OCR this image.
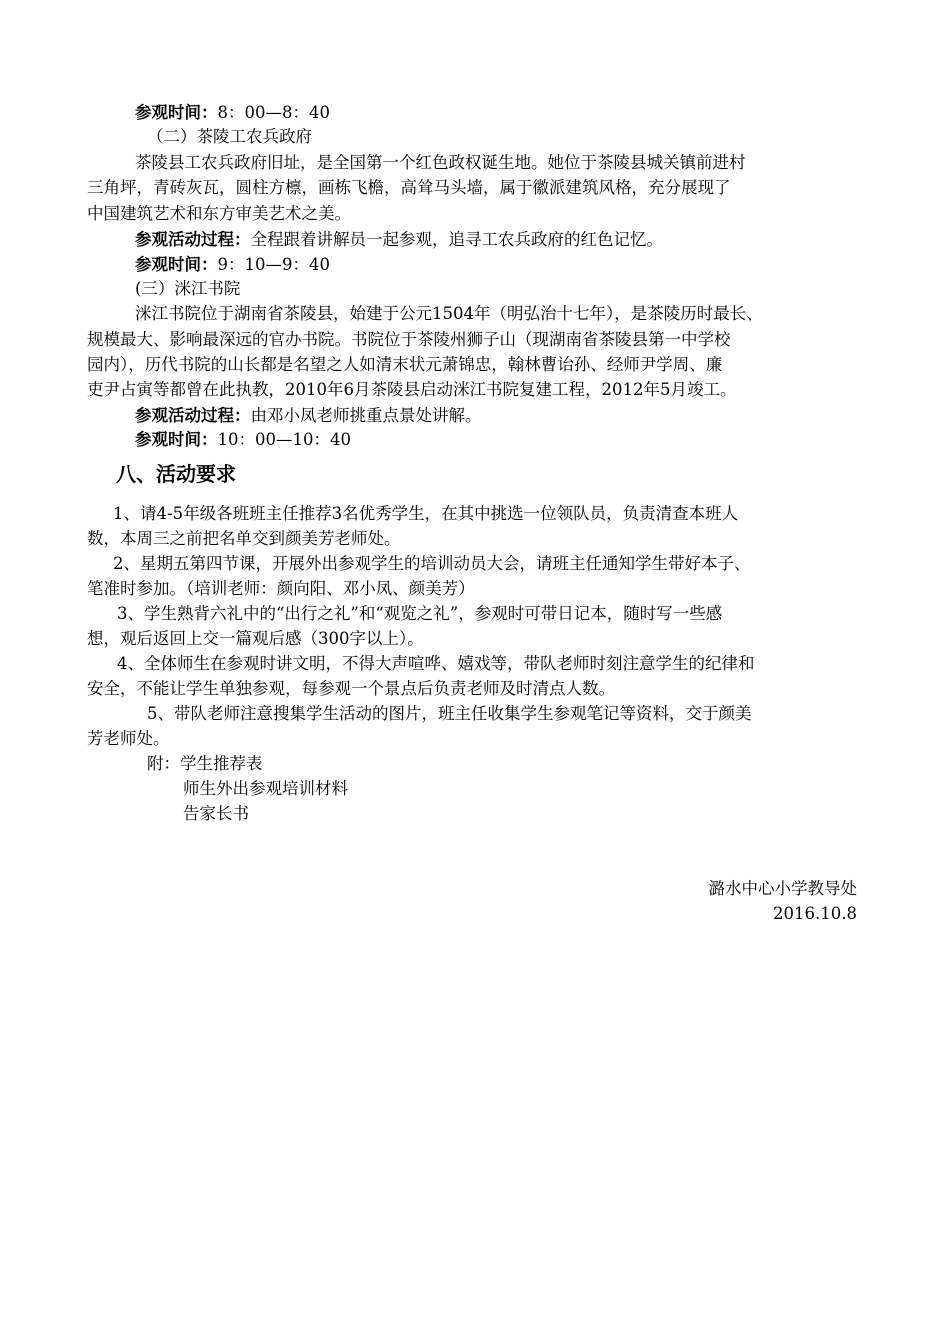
参观时间：8：00—8：40
（二）茶陵工农兵政府
茶陵县工农兵政府旧址，是全国第一个红色政权诞生地。她位于茶陵县城关镇前进村
三角坪，青砖灰瓦，圆柱方檩，画栋飞檐，高耸马头墙，属于徽派建筑风格，充分展现了
中国建筑艺术和东方审美艺术之美。
参观活动过程：全程跟着讲解员一起参观，追寻工农兵政府的红色记忆。
参观时间：9：10—9：40
(三）洣江书院
洣江书院位于湖南省茶陵县，始建于公元1504年（明弘治十七年），是茶陵历时最长、
规模最大、影响最深远的官办书院。书院位于茶陵州狮子山（现湖南省茶陵县第一中学校
园内），历代书院的山长都是名望之人如清末状元萧锦忠，翰林曹诒孙、经师尹学周、廉
吏尹占寅等都曾在此执教，2010年6月茶陵县启动洣江书院复建工程，2012年5月竣工。
参观活动过程：由邓小凤老师挑重点景处讲解。
参观时间：10：00—10：40
八、活动要求
1、请4-5年级各班班主任推荐3名优秀学生，在其中挑选一位领队员，负责清查本班人
数，本周三之前把名单交到颜美芳老师处。
2、星期五第四节课，开展外出参观学生的培训动员大会，请班主任通知学生带好本子、
笔准时参加。（培训老师：颜向阳、邓小凤、颜美芳）
3、学生熟背六礼中的“出行之礼”和“观览之礼”，参观时可带日记本，随时写一些感
想，观后返回上交一篇观后感（300字以上）。
4、全体师生在参观时讲文明，不得大声喧哗、嬉戏等，带队老师时刻注意学生的纪律和
安全，不能让学生单独参观，每参观一个景点后负责老师及时清点人数。
5、带队老师注意搜集学生活动的图片，班主任收集学生参观笔记等资料，交于颜美
芳老师处。
附：学生推荐表
师生外出参观培训材料
告家长书
潞水中心小学教导处
2016.10.8
